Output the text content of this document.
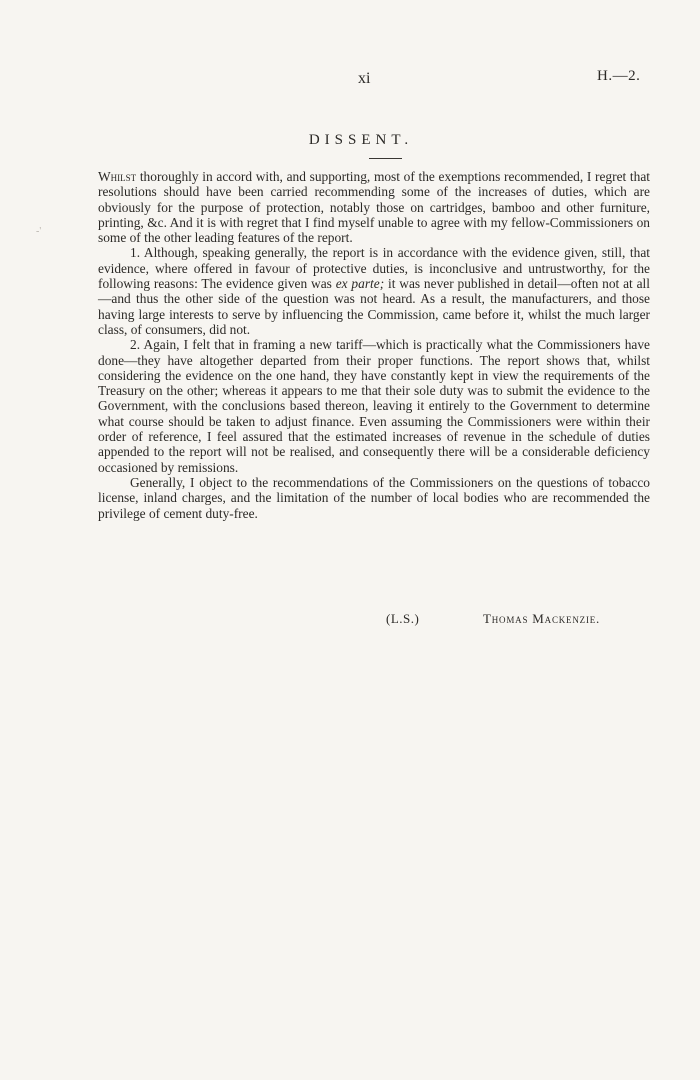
xi	H.—2.
-'
DISSENT.

Whilst thoroughly in accord with, and supporting, most of the exemptions recommended, I regret that resolutions should have been carried recommending some of the increases of duties, which are obviously for the purpose of protection, notably those on cartridges, bamboo and other furniture, printing, &c. And it is with regret that I find myself unable to agree with my fellow-Commissioners on some of the other leading features of the report.

1. Although, speaking generally, the report is in accordance with the evidence given, still, that evidence, where offered in favour of protective duties, is inconclusive and untrustworthy, for the following reasons: The evidence given was ex parte; it was never published in detail—often not at all—and thus the other side of the question was not heard. As a result, the manufacturers, and those having large interests to serve by influencing the Commission, came before it, whilst the much larger class, of consumers, did not.

2. Again, I felt that in framing a new tariff—which is practically what the Commissioners have done—they have altogether departed from their proper functions. The report shows that, whilst considering the evidence on the one hand, they have constantly kept in view the requirements of the Treasury on the other; whereas it appears to me that their sole duty was to submit the evidence to the Government, with the conclusions based thereon, leaving it entirely to the Government to determine what course should be taken to adjust finance. Even assuming the Commissioners were within their order of reference, I feel assured that the estimated increases of revenue in the schedule of duties appended to the report will not be realised, and consequently there will be a considerable deficiency occasioned by remissions.

Generally, I object to the recommendations of the Commissioners on the questions of tobacco license, inland charges, and the limitation of the number of local bodies who are recommended the privilege of cement duty-free.

(L.S.)	Thomas Mackenzie.
